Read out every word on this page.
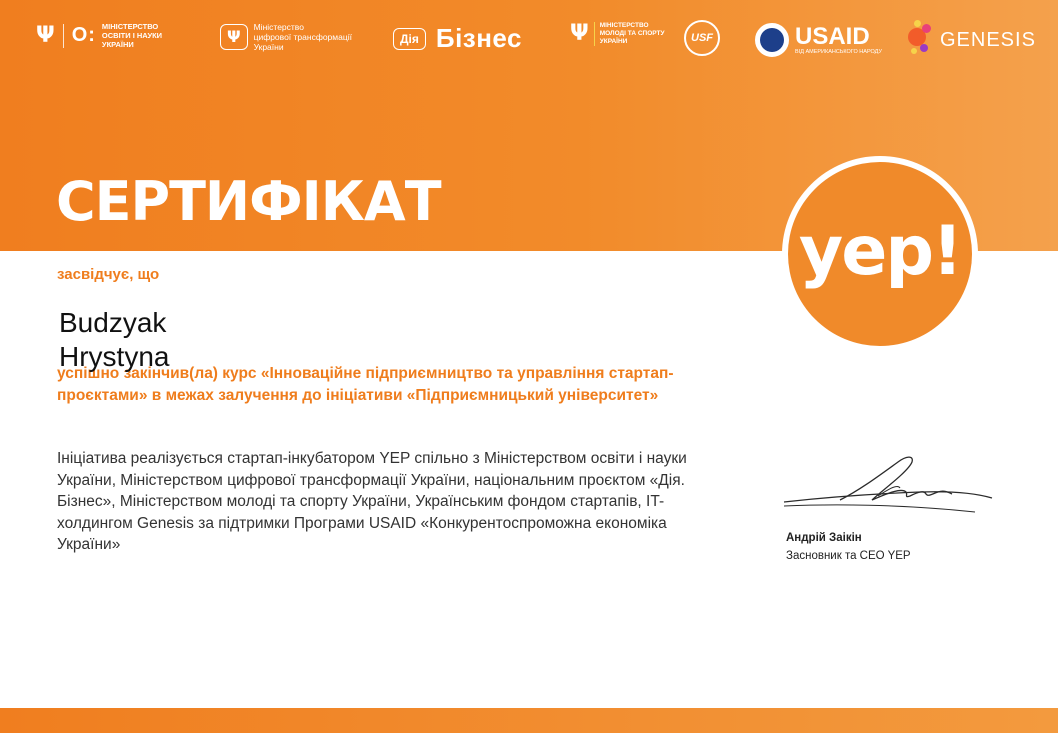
Ψ O: МІНІСТЕРСТВО
ОСВІТИ І НАУКИ
УКРАЇНИ	Ψ	Міністерство
цифрової трансформації
України
Дія Бізнес Ψ МІНІСТЕРСТВО
МОЛОДІ ТА СПОРТУ
УКРАЇНИ	USF	USAID
ВІД АМЕРИКАНСЬКОГО НАРОДУ
GENESIS
СЕРТИФІКАТ
yep!

засвідчує, що

успішно закінчив(ла) курс «Інноваційне підприємництво та управління стартап-проєктами» в межах залучення до ініціативи «Підприємницький університет»

Budzyak
Hrystyna

Ініціатива реалізується стартап-інкубатором YEP спільно з Міністерством освіти і науки України, Міністерством цифрової трансформації України, національним проєктом «Дія. Бізнес», Міністерством молоді та спорту України, Українським фондом стартапів, IT-холдингом Genesis за підтримки Програми USAID «Конкурентоспроможна економіка України»	Андрій Заікін

Засновник та CEO YEP
